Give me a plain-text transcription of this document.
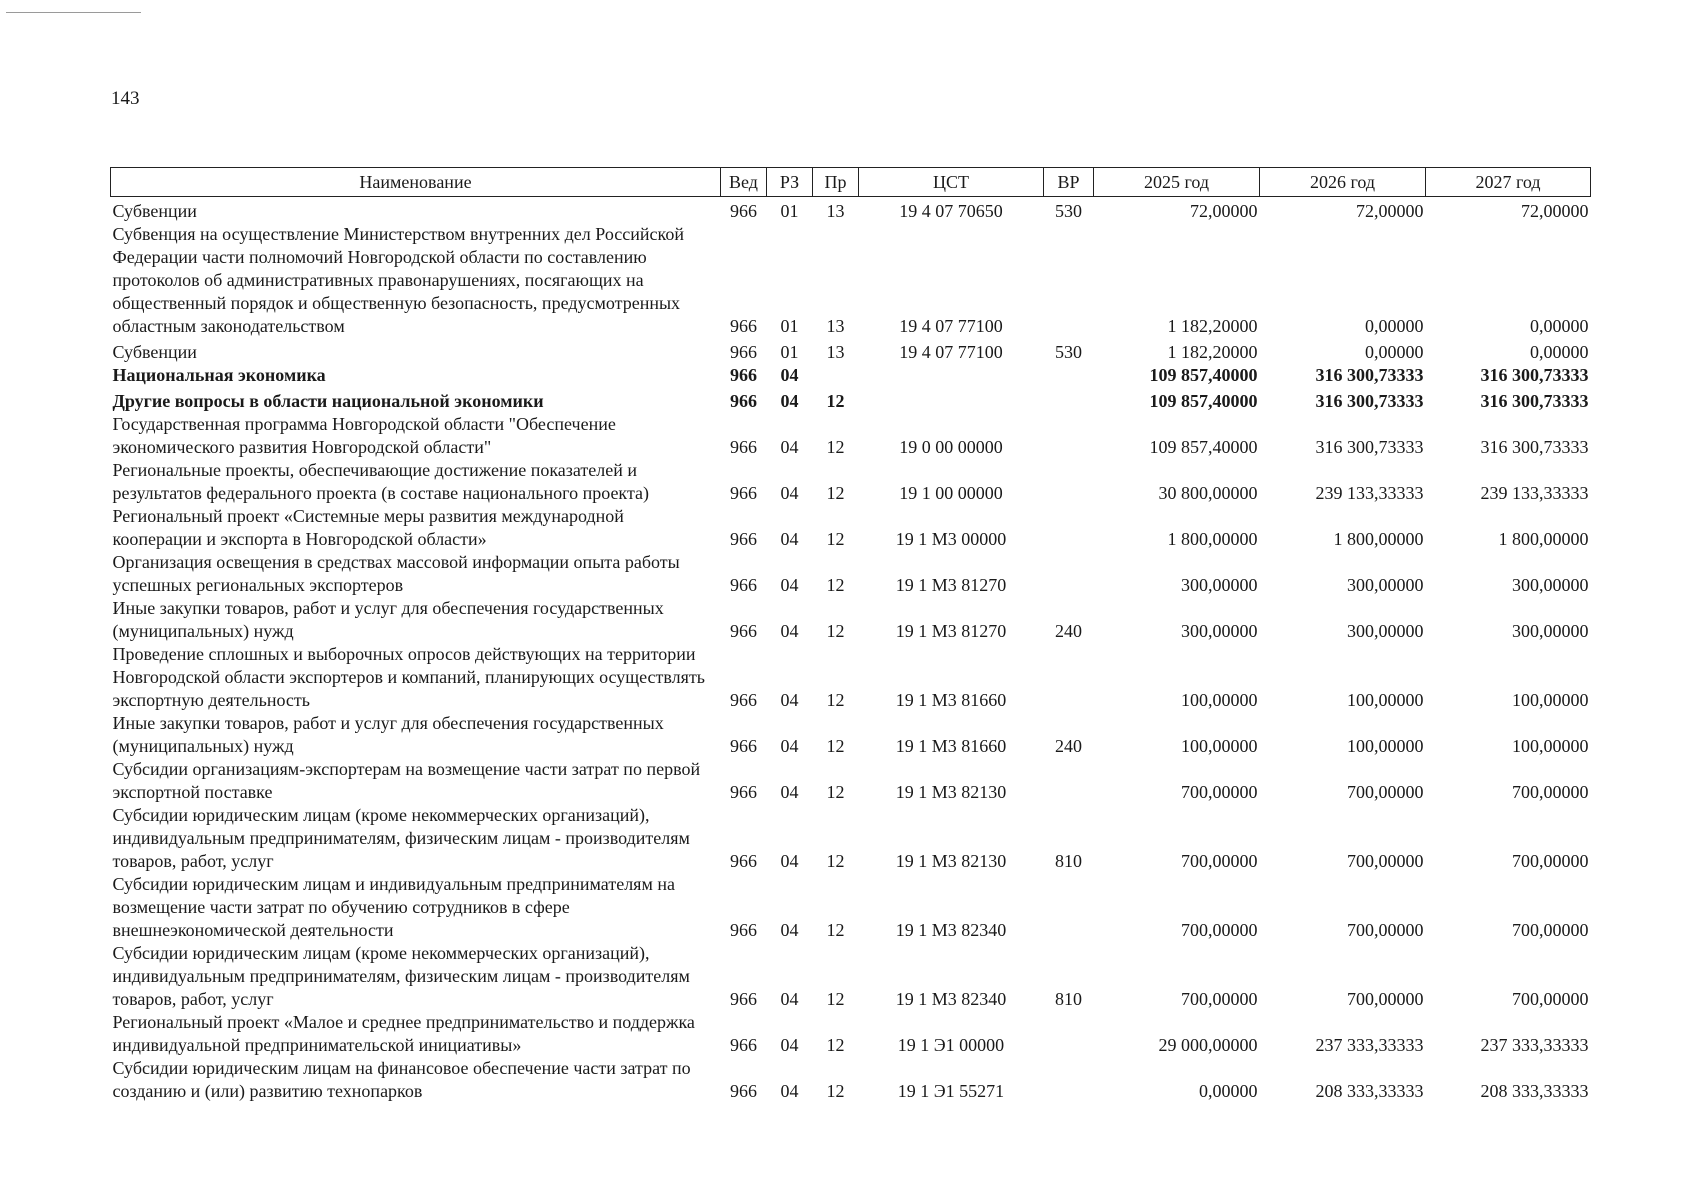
143
Наименование	Вед	РЗ	Пр	ЦСТ	ВР	2025 год	2026 год	2027 год
Субвенции	966	01	13	19 4 07 70650	530	72,00000	72,00000	72,00000
Субвенция на осуществление Министерством внутренних дел Российской Федерации части полномочий Новгородской области по составлению протоколов об административных правонарушениях, посягающих на общественный порядок и общественную безопасность, предусмотренных областным законодательством	966	01	13	19 4 07 77100		1 182,20000	0,00000	0,00000
Субвенции	966	01	13	19 4 07 77100	530	1 182,20000	0,00000	0,00000
Национальная экономика	966	04				109 857,40000	316 300,73333	316 300,73333
Другие вопросы в области национальной экономики	966	04	12			109 857,40000	316 300,73333	316 300,73333
Государственная программа Новгородской области "Обеспечение экономического развития Новгородской области"	966	04	12	19 0 00 00000		109 857,40000	316 300,73333	316 300,73333
Региональные проекты, обеспечивающие достижение показателей и результатов федерального проекта (в составе национального проекта)	966	04	12	19 1 00 00000		30 800,00000	239 133,33333	239 133,33333
Региональный проект «Системные меры развития международной кооперации и экспорта в Новгородской области»	966	04	12	19 1 М3 00000		1 800,00000	1 800,00000	1 800,00000
Организация освещения в средствах массовой информации опыта работы успешных региональных экспортеров	966	04	12	19 1 М3 81270		300,00000	300,00000	300,00000
Иные закупки товаров, работ и услуг для обеспечения государственных (муниципальных) нужд	966	04	12	19 1 М3 81270	240	300,00000	300,00000	300,00000
Проведение сплошных и выборочных опросов действующих на территории Новгородской области экспортеров и компаний, планирующих осуществлять экспортную деятельность	966	04	12	19 1 М3 81660		100,00000	100,00000	100,00000
Иные закупки товаров, работ и услуг для обеспечения государственных (муниципальных) нужд	966	04	12	19 1 М3 81660	240	100,00000	100,00000	100,00000
Субсидии организациям-экспортерам на возмещение части затрат по первой экспортной поставке	966	04	12	19 1 М3 82130		700,00000	700,00000	700,00000
Субсидии юридическим лицам (кроме некоммерческих организаций), индивидуальным предпринимателям, физическим лицам - производителям товаров, работ, услуг	966	04	12	19 1 М3 82130	810	700,00000	700,00000	700,00000
Субсидии юридическим лицам и индивидуальным предпринимателям на возмещение части затрат по обучению сотрудников в сфере внешнеэкономической деятельности	966	04	12	19 1 М3 82340		700,00000	700,00000	700,00000
Субсидии юридическим лицам (кроме некоммерческих организаций), индивидуальным предпринимателям, физическим лицам - производителям товаров, работ, услуг	966	04	12	19 1 М3 82340	810	700,00000	700,00000	700,00000
Региональный проект «Малое и среднее предпринимательство и поддержка индивидуальной предпринимательской инициативы»	966	04	12	19 1 Э1 00000		29 000,00000	237 333,33333	237 333,33333
Субсидии юридическим лицам на финансовое обеспечение части затрат по созданию и (или) развитию технопарков	966	04	12	19 1 Э1 55271		0,00000	208 333,33333	208 333,33333
